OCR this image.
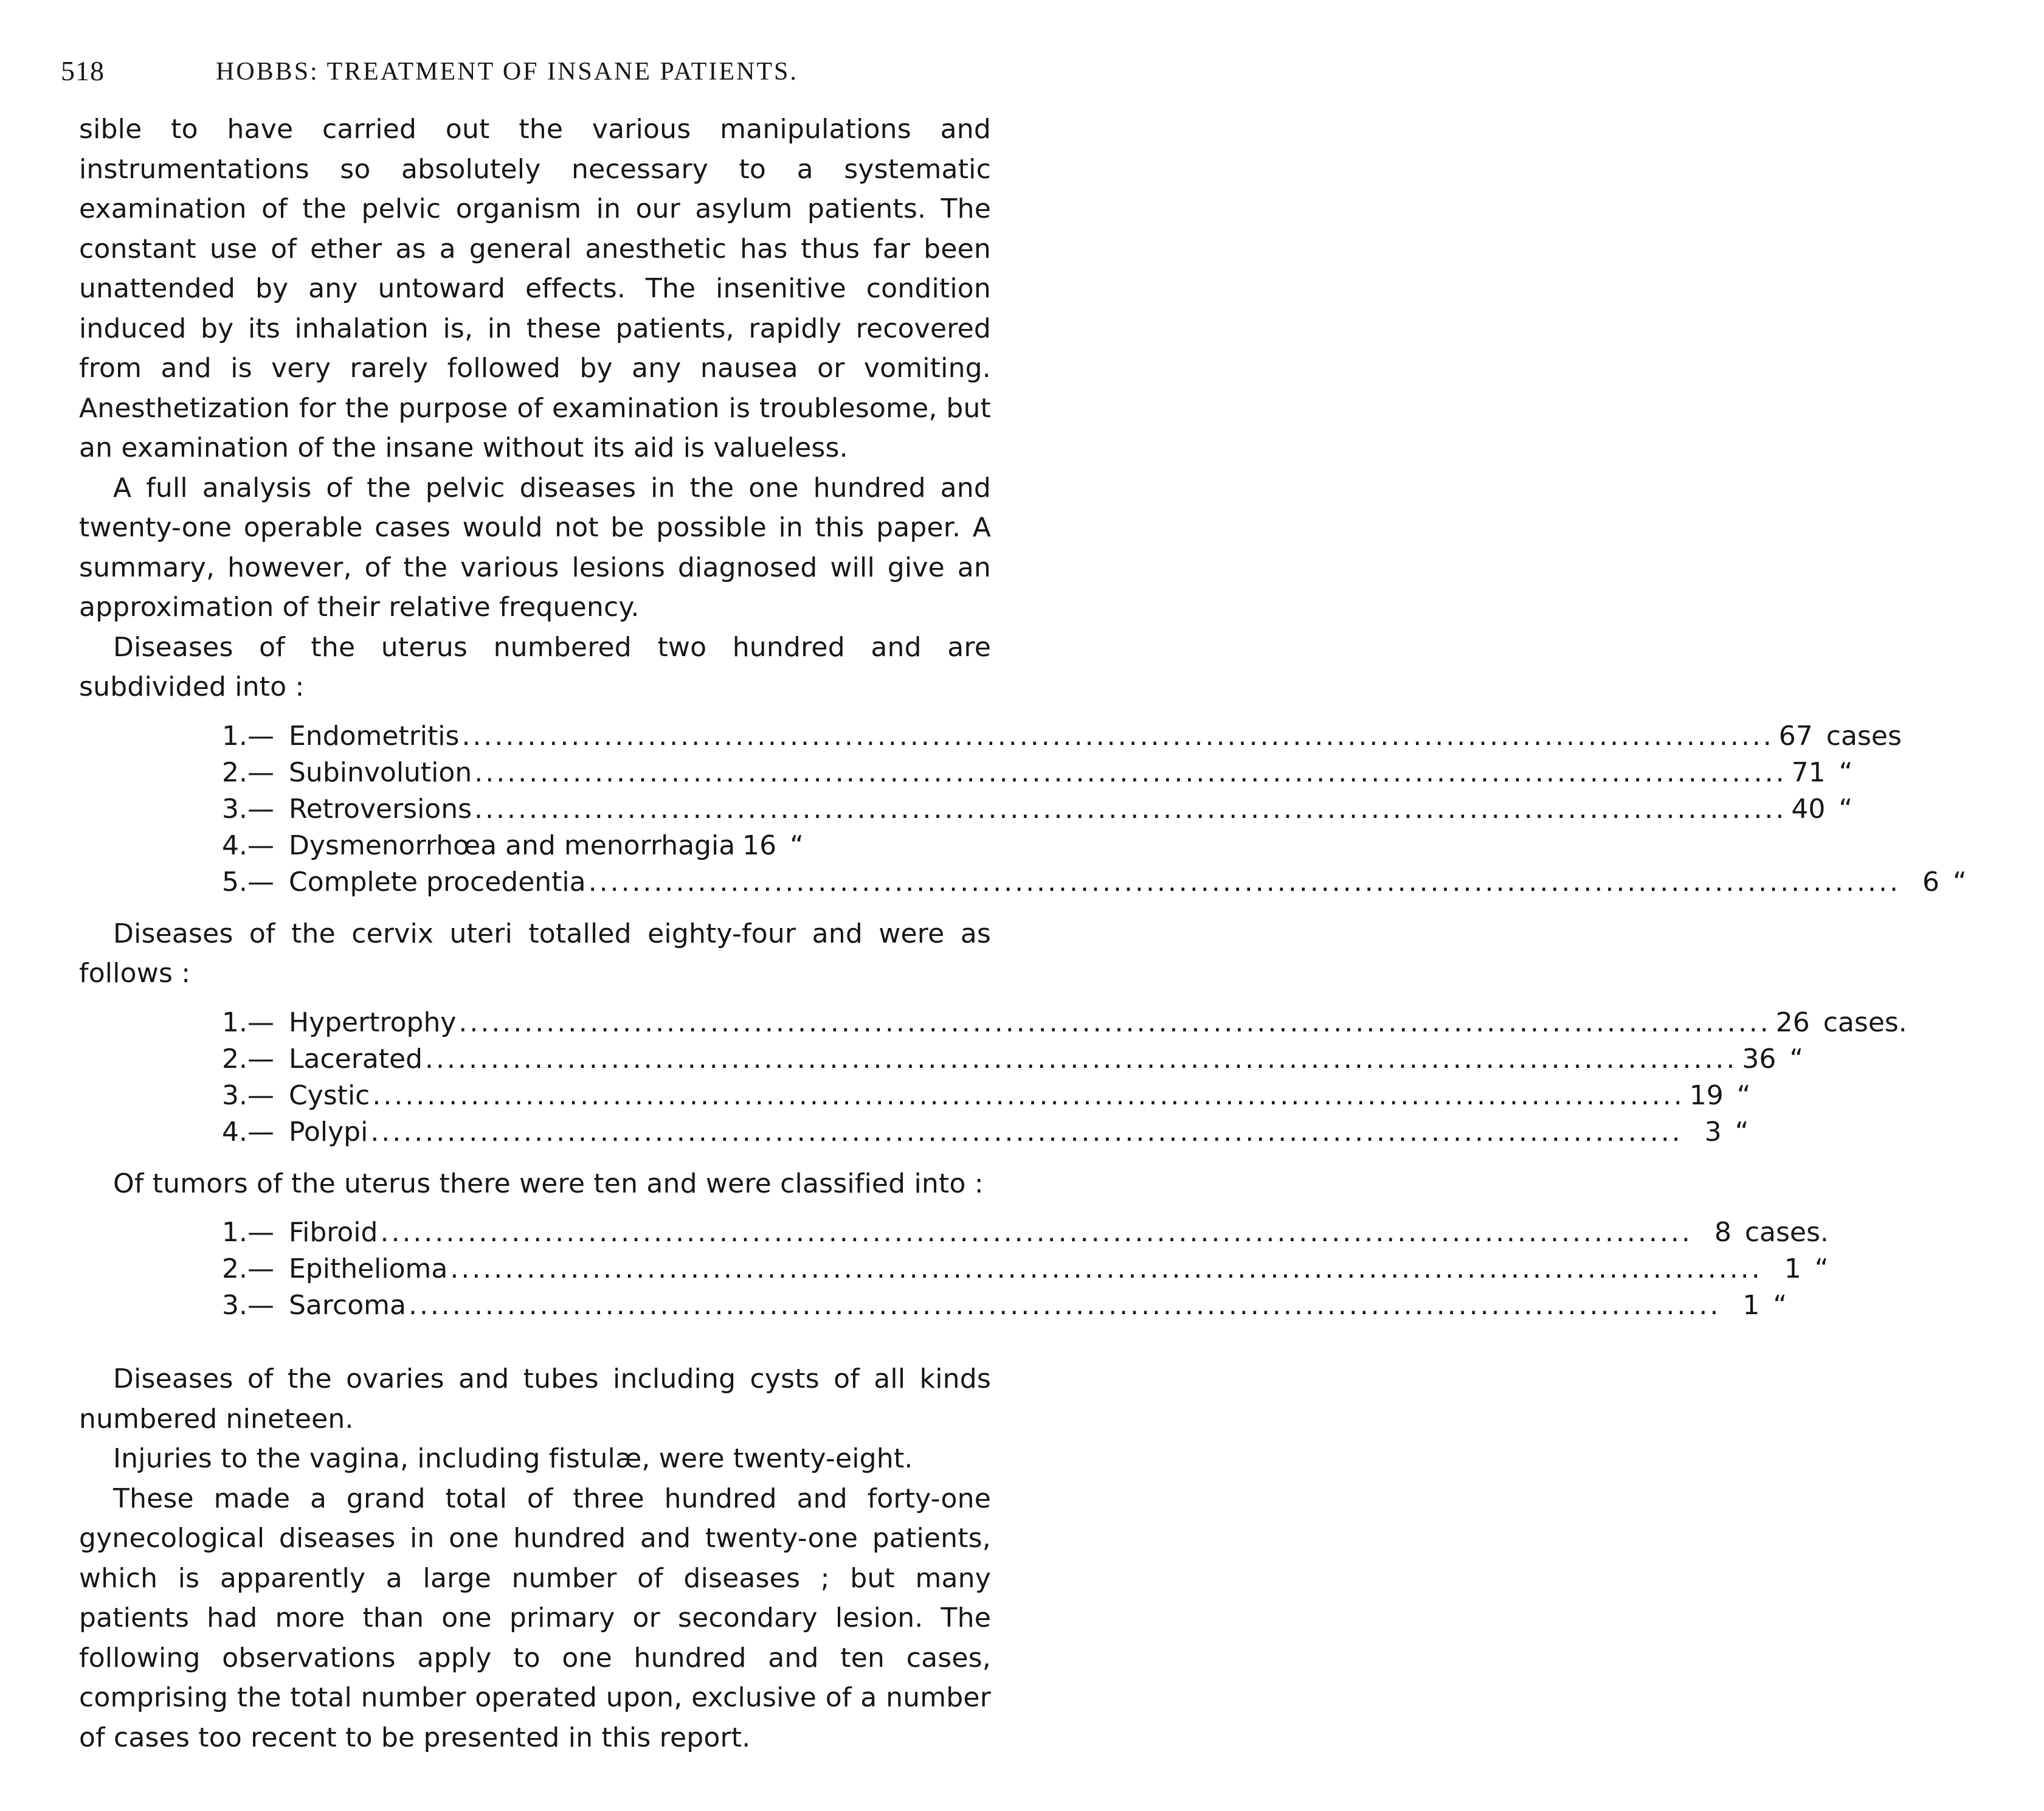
518	HOBBS: TREATMENT OF INSANE PATIENTS.

sible to have carried out the various manipulations and instrumentations so absolutely necessary to a systematic examination of the pelvic organism in our asylum patients. The constant use of ether as a general anesthetic has thus far been unattended by any untoward effects. The insenitive condition induced by its inhalation is, in these patients, rapidly recovered from and is very rarely followed by any nausea or vomiting. Anesthetization for the purpose of examination is troublesome, but an examination of the insane without its aid is valueless.

A full analysis of the pelvic diseases in the one hundred and twenty-one operable cases would not be possible in this paper. A summary, however, of the various lesions diagnosed will give an approximation of their relative frequency.

Diseases of the uterus numbered two hundred and are subdivided into :

1.— Endometritis ........................................................................................................................ 67 cases
2.— Subinvolution ........................................................................................................................ 71 “
3.— Retroversions ........................................................................................................................ 40 “
4.— Dysmenorrhœa and menorrhagia 16 “
5.— Complete procedentia ........................................................................................................................ 6 “

Diseases of the cervix uteri totalled eighty-four and were as follows :

1.— Hypertrophy ........................................................................................................................ 26 cases.
2.— Lacerated ........................................................................................................................ 36 “
3.— Cystic ........................................................................................................................ 19 “
4.— Polypi ........................................................................................................................ 3 “

Of tumors of the uterus there were ten and were classified into :

1.— Fibroid ........................................................................................................................ 8 cases.
2.— Epithelioma ........................................................................................................................ 1 “
3.— Sarcoma ........................................................................................................................ 1 “

Diseases of the ovaries and tubes including cysts of all kinds numbered nineteen.

Injuries to the vagina, including fistulæ, were twenty-eight.

These made a grand total of three hundred and forty-one gynecological diseases in one hundred and twenty-one patients, which is apparently a large number of diseases ; but many patients had more than one primary or secondary lesion. The following observations apply to one hundred and ten cases, comprising the total number operated upon, exclusive of a number of cases too recent to be presented in this report.
